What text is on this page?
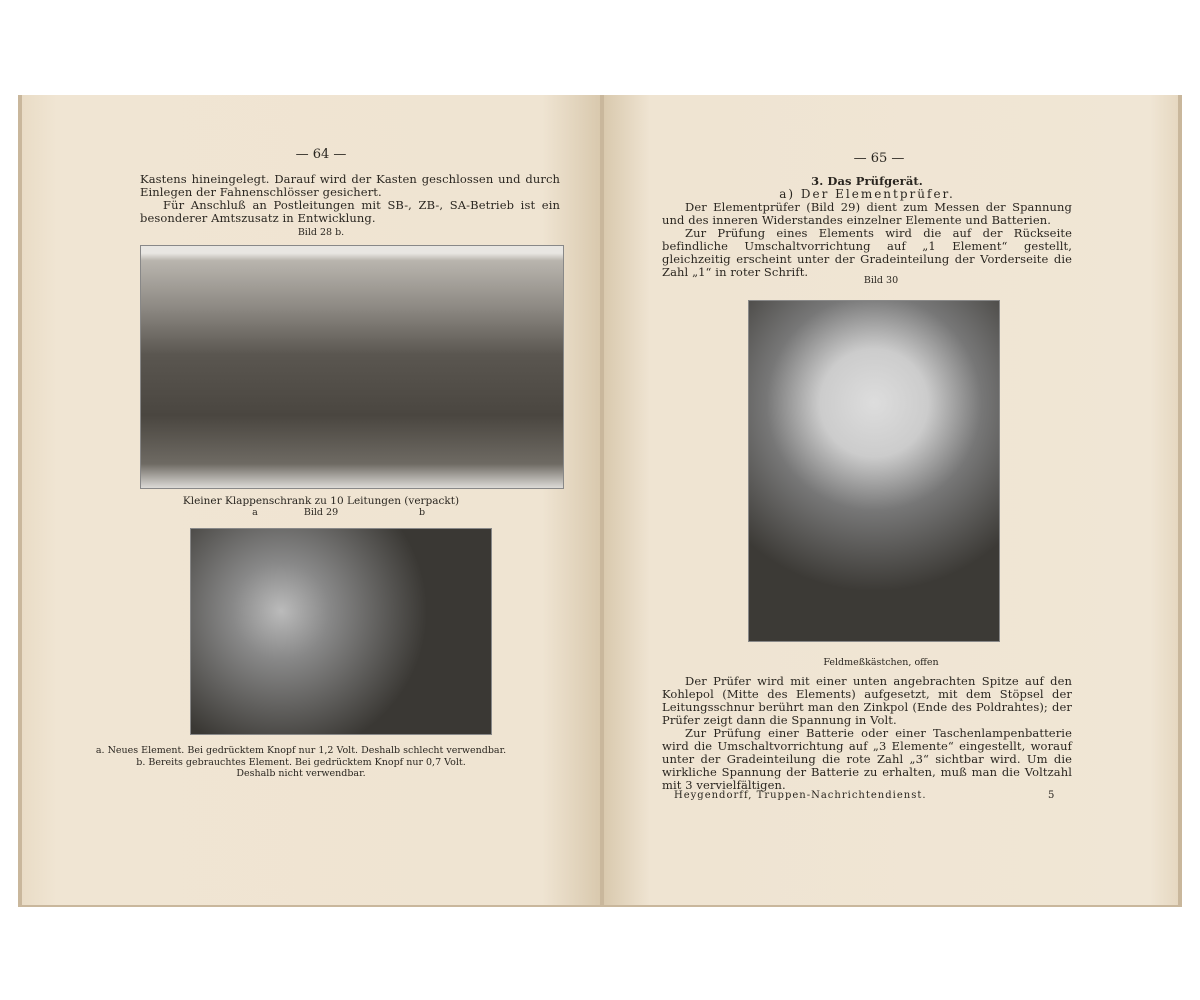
— 64 —
Kastens hineingelegt. Darauf wird der Kasten geschlossen und durch Einlegen der Fahnenschlösser gesichert.
Für Anschluß an Postleitungen mit SB-, ZB-, SA-Betrieb ist ein besonderer Amtszusatz in Entwicklung.
Bild 28 b.
Kleiner Klappenschrank zu 10 Leitungen (verpackt)
Bild 29
a	b
a. Neues Element. Bei gedrücktem Knopf nur 1,2 Volt. Deshalb schlecht verwendbar.
b. Bereits gebrauchtes Element. Bei gedrücktem Knopf nur 0,7 Volt.
Deshalb nicht verwendbar.
— 65 —
3. Das Prüfgerät.
a) Der Elementprüfer.
Der Elementprüfer (Bild 29) dient zum Messen der Spannung und des inneren Widerstandes einzelner Elemente und Batterien.
Zur Prüfung eines Elements wird die auf der Rückseite befindliche Umschaltvorrichtung auf „1 Element“ gestellt, gleichzeitig erscheint unter der Gradeinteilung der Vorderseite die Zahl „1“ in roter Schrift.
Bild 30
Feldmeßkästchen, offen
Der Prüfer wird mit einer unten angebrachten Spitze auf den Kohlepol (Mitte des Elements) aufgesetzt, mit dem Stöpsel der Leitungsschnur berührt man den Zinkpol (Ende des Poldrahtes); der Prüfer zeigt dann die Spannung in Volt.
Zur Prüfung einer Batterie oder einer Taschenlampenbatterie wird die Umschaltvorrichtung auf „3 Elemente“ eingestellt, worauf unter der Gradeinteilung die rote Zahl „3“ sichtbar wird. Um die wirkliche Spannung der Batterie zu erhalten, muß man die Voltzahl mit 3 vervielfältigen.
Heygendorff, Truppen-Nachrichtendienst.	5
